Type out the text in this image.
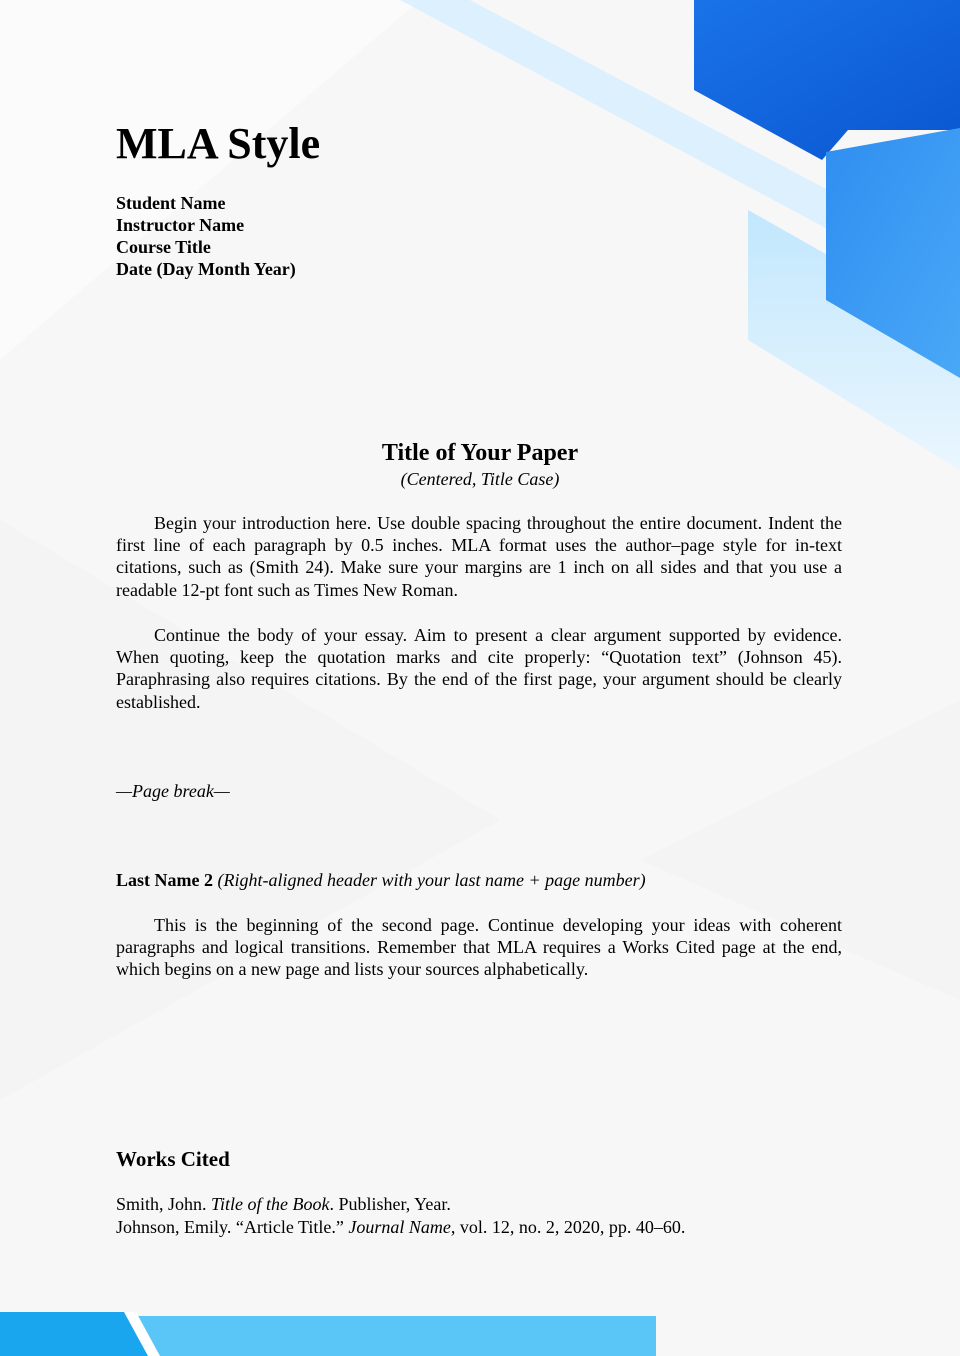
MLA Style
Student Name
Instructor Name
Course Title
Date (Day Month Year)
Title of Your Paper
(Centered, Title Case)

Begin your introduction here. Use double spacing throughout the entire document. Indent the first line of each paragraph by 0.5 inches. MLA format uses the author–page style for in-text citations, such as (Smith 24). Make sure your margins are 1 inch on all sides and that you use a readable 12-pt font such as Times New Roman.

Continue the body of your essay. Aim to present a clear argument supported by evidence. When quoting, keep the quotation marks and cite properly: “Quotation text” (Johnson 45). Paraphrasing also requires citations. By the end of the first page, your argument should be clearly established.

—Page break—
Last Name 2 (Right-aligned header with your last name + page number)

This is the beginning of the second page. Continue developing your ideas with coherent paragraphs and logical transitions. Remember that MLA requires a Works Cited page at the end, which begins on a new page and lists your sources alphabetically.

Works Cited
Smith, John. Title of the Book. Publisher, Year.
Johnson, Emily. “Article Title.” Journal Name, vol. 12, no. 2, 2020, pp. 40–60.
